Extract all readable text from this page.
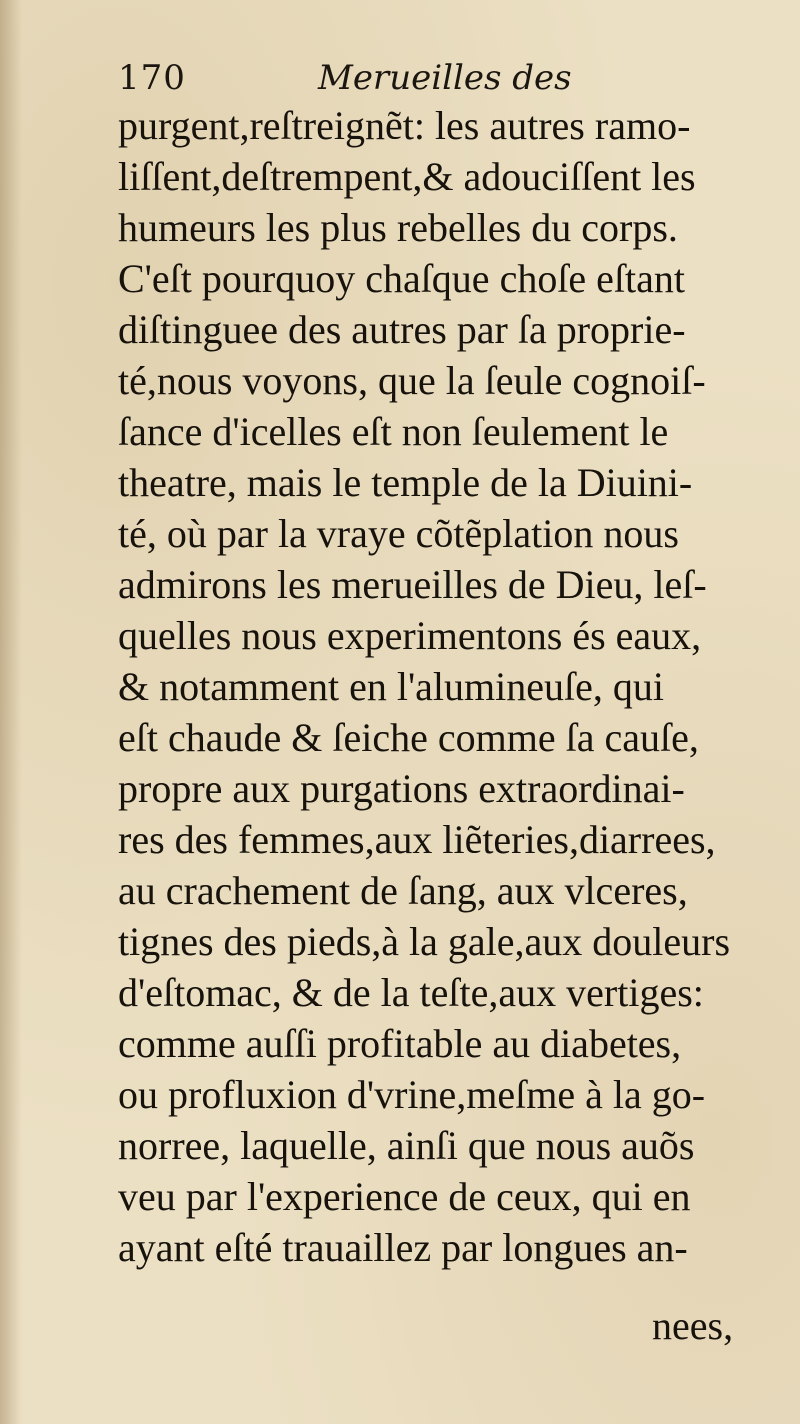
170	Merueilles des
purgent,reſtreignẽt: les autres ramo-
liſſent,deſtrempent,& adouciſſent les
humeurs les plus rebelles du corps.
C'eſt pourquoy chaſque choſe eſtant
diſtinguee des autres par ſa proprie-
té,nous voyons, que la ſeule cognoiſ-
ſance d'icelles eſt non ſeulement le
theatre, mais le temple de la Diuini-
té, où par la vraye cõtẽplation nous
admirons les merueilles de Dieu, leſ-
quelles nous experimentons és eaux,
& notamment en l'alumineuſe, qui
eſt chaude & ſeiche comme ſa cauſe,
propre aux purgations extraordinai-
res des femmes,aux liẽteries,diarrees,
au crachement de ſang, aux vlceres,
tignes des pieds,à la gale,aux douleurs
d'eſtomac, & de la teſte,aux vertiges:
comme auſſi profitable au diabetes,
ou profluxion d'vrine,meſme à la go-
norree, laquelle, ainſi que nous auõs
veu par l'experience de ceux, qui en
ayant eſté trauaillez par longues an-
nees,
